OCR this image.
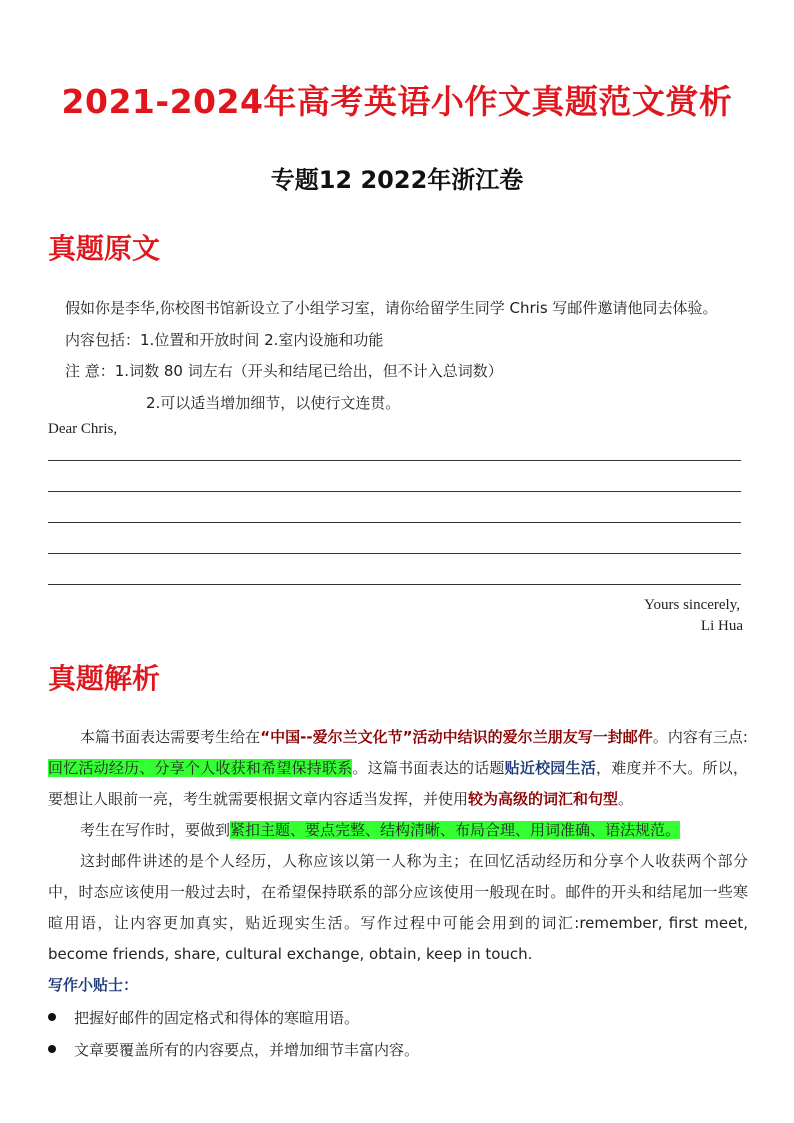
2021-2024年高考英语小作文真题范文赏析
专题12 2022年浙江卷
真题原文
假如你是李华,你校图书馆新设立了小组学习室，请你给留学生同学 Chris 写邮件邀请他同去体验。
内容包括：1.位置和开放时间 2.室内设施和功能
注 意：1.词数 80 词左右（开头和结尾已给出，但不计入总词数）
2.可以适当增加细节，以使行文连贯。
Dear Chris,
Yours sincerely,
Li Hua
真题解析

本篇书面表达需要考生给在“中国--爱尔兰文化节”活动中结识的爱尔兰朋友写一封邮件。内容有三点:回忆活动经历、分享个人收获和希望保持联系。这篇书面表达的话题贴近校园生活，难度并不大。所以，要想让人眼前一亮，考生就需要根据文章内容适当发挥，并使用较为高级的词汇和句型。

考生在写作时，要做到紧扣主题、要点完整、结构清晰、布局合理、用词准确、语法规范。

这封邮件讲述的是个人经历，人称应该以第一人称为主；在回忆活动经历和分享个人收获两个部分中，时态应该使用一般过去时，在希望保持联系的部分应该使用一般现在时。邮件的开头和结尾加一些寒暄用语，让内容更加真实，贴近现实生活。写作过程中可能会用到的词汇:remember, first meet, become friends, share, cultural exchange, obtain, keep in touch.

写作小贴士：
把握好邮件的固定格式和得体的寒暄用语。
文章要覆盖所有的内容要点，并增加细节丰富内容。
